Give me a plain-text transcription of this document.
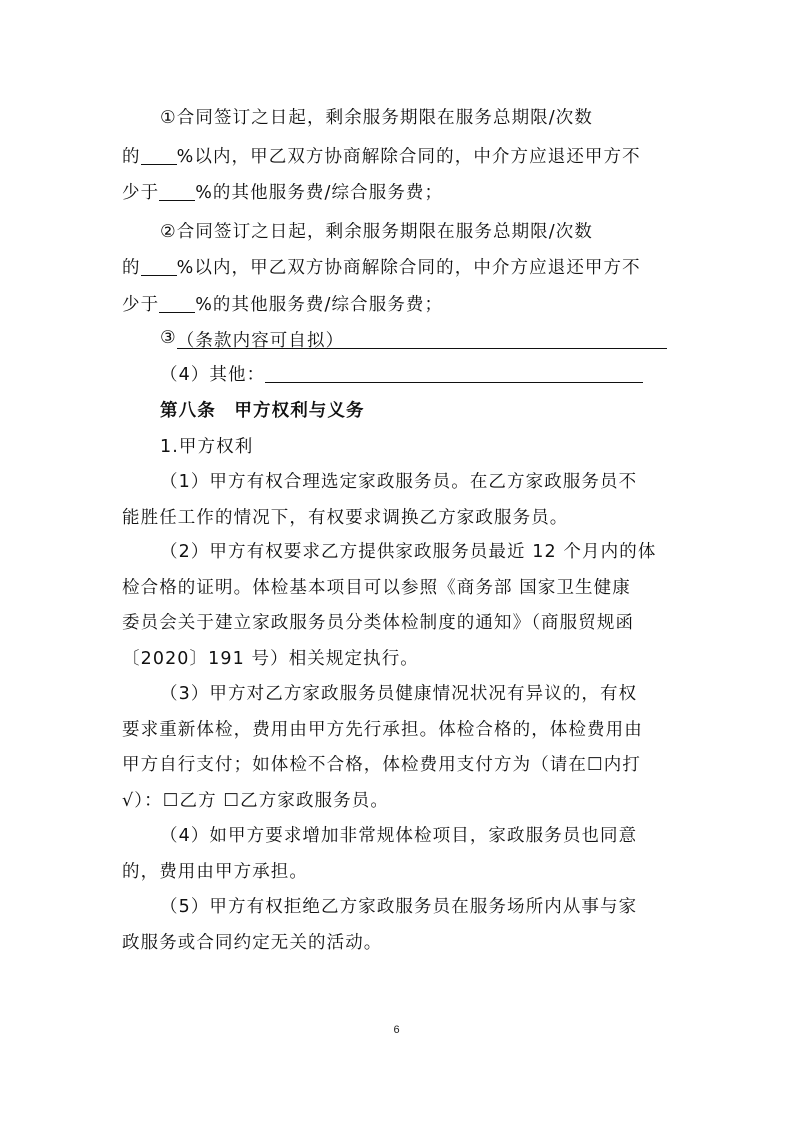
①合同签订之日起，剩余服务期限在服务总期限/次数
的 %以内，甲乙双方协商解除合同的，中介方应退还甲方不
少于 %的其他服务费/综合服务费；
②合同签订之日起，剩余服务期限在服务总期限/次数
的 %以内，甲乙双方协商解除合同的，中介方应退还甲方不
少于 %的其他服务费/综合服务费；
③（条款内容可自拟）
（4）其他：
第八条　甲方权利与义务
1.甲方权利
（1）甲方有权合理选定家政服务员。在乙方家政服务员不
能胜任工作的情况下，有权要求调换乙方家政服务员。
（2）甲方有权要求乙方提供家政服务员最近 12 个月内的体
检合格的证明。体检基本项目可以参照《商务部 国家卫生健康
委员会关于建立家政服务员分类体检制度的通知》（商服贸规函
〔2020〕191 号）相关规定执行。
（3）甲方对乙方家政服务员健康情况状况有异议的，有权
要求重新体检，费用由甲方先行承担。体检合格的，体检费用由
甲方自行支付；如体检不合格，体检费用支付方为（请在☐内打
√）：☐乙方 ☐乙方家政服务员。
（4）如甲方要求增加非常规体检项目，家政服务员也同意
的，费用由甲方承担。
（5）甲方有权拒绝乙方家政服务员在服务场所内从事与家
政服务或合同约定无关的活动。
6
